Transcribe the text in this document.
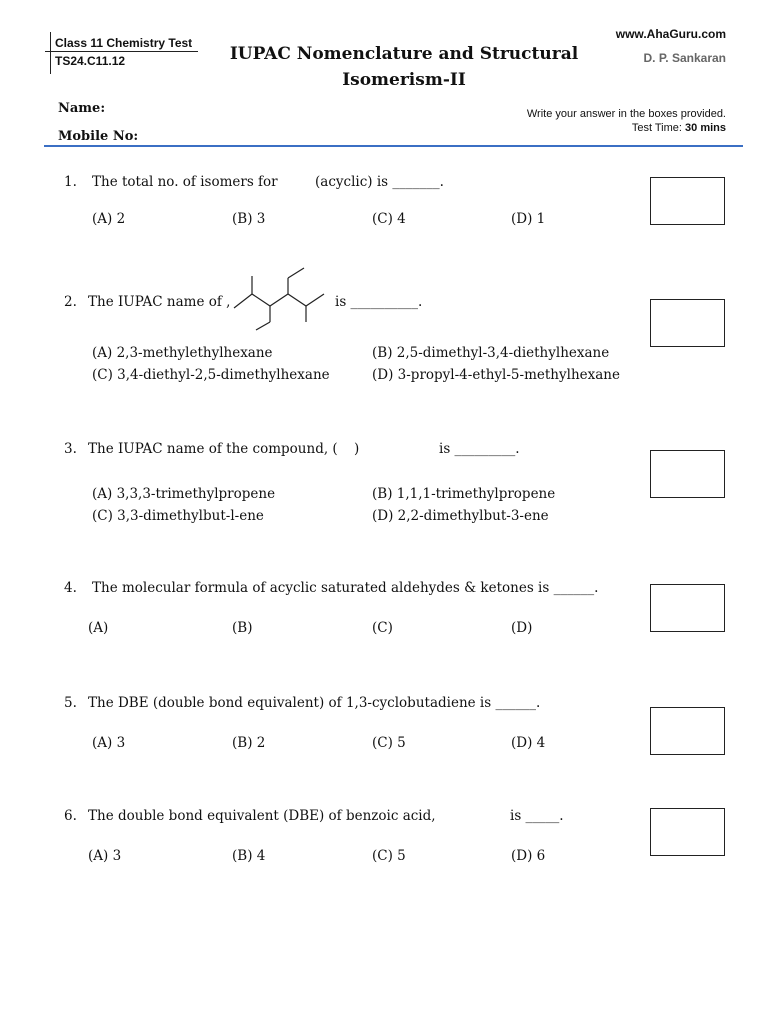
Class 11 Chemistry Test
TS24.C11.12	IUPAC Nomenclature and Structural
Isomerism-II
www.AhaGuru.com
D. P. Sankaran
Name:
Mobile No:
Write your answer in the boxes provided.
Test Time: 30 mins
1. The total no. of isomers for	(acyclic) is _______.
(A) 2	(B) 3	(C) 4	(D) 1
2. The IUPAC name of ,	is __________.
(A) 2,3-methylethylhexane	(B) 2,5-dimethyl-3,4-diethylhexane
(C) 3,4-diethyl-2,5-dimethylhexane	(D) 3-propyl-4-ethyl-5-methylhexane
3. The IUPAC name of the compound, ( )	is _________.
(A) 3,3,3-trimethylpropene	(B) 1,1,1-trimethylpropene
(C) 3,3-dimethylbut-l-ene	(D) 2,2-dimethylbut-3-ene
4. The molecular formula of acyclic saturated aldehydes & ketones is ______.
(A)	(B)	(C)	(D)
5. The DBE (double bond equivalent) of 1,3-cyclobutadiene is ______.
(A) 3	(B) 2	(C) 5	(D) 4
6. The double bond equivalent (DBE) of benzoic acid,	is _____.
(A) 3	(B) 4	(C) 5	(D) 6
